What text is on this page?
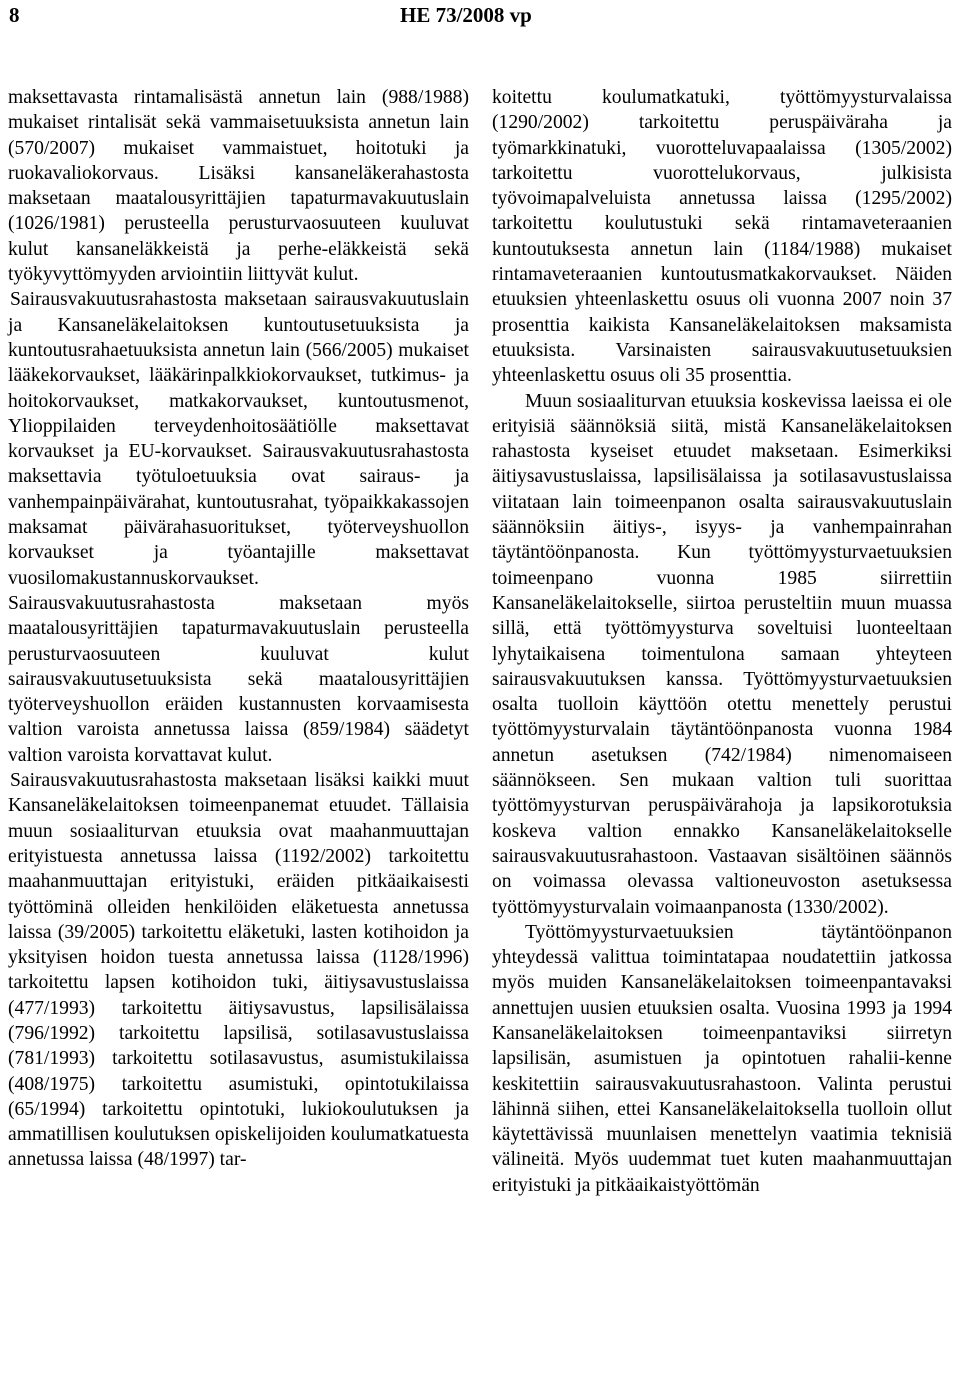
8	HE 73/2008 vp

maksettavasta rintamalisästä annetun lain (988/1988) mukaiset rintalisät sekä vammaisetuuksista annetun lain (570/2007) mukaiset vammaistuet, hoitotuki ja ruokavaliokorvaus. Lisäksi kansaneläkerahastosta maksetaan maatalousyrittäjien tapaturmavakuutuslain (1026/1981) perusteella perusturvaosuuteen kuuluvat kulut kansaneläkkeistä ja perhe-eläkkeistä sekä työkyvyttömyyden arviointiin liittyvät kulut.

Sairausvakuutusrahastosta maksetaan sairausvakuutuslain ja Kansaneläkelaitoksen kuntoutusetuuksista ja kuntoutusrahaetuuksista annetun lain (566/2005) mukaiset lääkekorvaukset, lääkärinpalkkiokorvaukset, tutkimus- ja hoitokorvaukset, matkakorvaukset, kuntoutusmenot, Ylioppilaiden terveydenhoitosäätiölle maksettavat korvaukset ja EU-korvaukset. Sairausvakuutusrahastosta maksettavia työtuloetuuksia ovat sairaus- ja vanhempainpäivärahat, kuntoutusrahat, työpaikkakassojen maksamat päivärahasuoritukset, työterveyshuollon korvaukset ja työantajille maksettavat vuosilomakustannuskorvaukset. Sairausvakuutusrahastosta maksetaan myös maatalousyrittäjien tapaturmavakuutuslain perusteella perusturvaosuuteen kuuluvat kulut sairausvakuutusetuuksista sekä maatalousyrittäjien työterveyshuollon eräiden kustannusten korvaamisesta valtion varoista annetussa laissa (859/1984) säädetyt valtion varoista korvattavat kulut.

Sairausvakuutusrahastosta maksetaan lisäksi kaikki muut Kansaneläkelaitoksen toimeenpanemat etuudet. Tällaisia muun sosiaaliturvan etuuksia ovat maahanmuuttajan erityistuesta annetussa laissa (1192/2002) tarkoitettu maahanmuuttajan erityistuki, eräiden pitkäaikaisesti työttöminä olleiden henkilöiden eläketuesta annetussa laissa (39/2005) tarkoitettu eläketuki, lasten kotihoidon ja yksityisen hoidon tuesta annetussa laissa (1128/1996) tarkoitettu lapsen kotihoidon tuki, äitiysavustuslaissa (477/1993) tarkoitettu äitiysavustus, lapsilisälaissa (796/1992) tarkoitettu lapsilisä, sotilasavustuslaissa (781/1993) tarkoitettu sotilasavustus, asumistukilaissa (408/1975) tarkoitettu asumistuki, opintotukilaissa (65/1994) tarkoitettu opintotuki, lukiokoulutuksen ja ammatillisen koulutuksen opiskelijoiden koulumatkatuesta annetussa laissa (48/1997) tar-

koitettu koulumatkatuki, työttömyysturvalaissa (1290/2002) tarkoitettu peruspäiväraha ja työmarkkinatuki, vuorotteluvapaalaissa (1305/2002) tarkoitettu vuorottelukorvaus, julkisista työvoimapalveluista annetussa laissa (1295/2002) tarkoitettu koulutustuki sekä rintamaveteraanien kuntoutuksesta annetun lain (1184/1988) mukaiset rintamaveteraanien kuntoutusmatkakorvaukset. Näiden etuuksien yhteenlaskettu osuus oli vuonna 2007 noin 37 prosenttia kaikista Kansaneläkelaitoksen maksamista etuuksista. Varsinaisten sairausvakuutusetuuksien yhteenlaskettu osuus oli 35 prosenttia.

Muun sosiaaliturvan etuuksia koskevissa laeissa ei ole erityisiä säännöksiä siitä, mistä Kansaneläkelaitoksen rahastosta kyseiset etuudet maksetaan. Esimerkiksi äitiysavustuslaissa, lapsilisälaissa ja sotilasavustuslaissa viitataan lain toimeenpanon osalta sairausvakuutuslain säännöksiin äitiys-, isyys- ja vanhempainrahan täytäntöönpanosta. Kun työttömyysturvaetuuksien toimeenpano vuonna 1985 siirrettiin Kansaneläkelaitokselle, siirtoa perusteltiin muun muassa sillä, että työttömyysturva soveltuisi luonteeltaan lyhytaikaisena toimentulona samaan yhteyteen sairausvakuutuksen kanssa. Työttömyysturvaetuuksien osalta tuolloin käyttöön otettu menettely perustui työttömyysturvalain täytäntöönpanosta vuonna 1984 annetun asetuksen (742/1984) nimenomaiseen säännökseen. Sen mukaan valtion tuli suorittaa työttömyysturvan peruspäivärahoja ja lapsikorotuksia koskeva valtion ennakko Kansaneläkelaitokselle sairausvakuutusrahastoon. Vastaavan sisältöinen säännös on voimassa olevassa valtioneuvoston asetuksessa työttömyysturvalain voimaanpanosta (1330/2002).

Työttömyysturvaetuuksien täytäntöönpanon yhteydessä valittua toimintatapaa noudatettiin jatkossa myös muiden Kansaneläkelaitoksen toimeenpantavaksi annettujen uusien etuuksien osalta. Vuosina 1993 ja 1994 Kansaneläkelaitoksen toimeenpantaviksi siirretyn lapsilisän, asumistuen ja opintotuen rahalii-kenne keskitettiin sairausvakuutusrahastoon. Valinta perustui lähinnä siihen, ettei Kansaneläkelaitoksella tuolloin ollut käytettävissä muunlaisen menettelyn vaatimia teknisiä välineitä. Myös uudemmat tuet kuten maahanmuuttajan erityistuki ja pitkäaikaistyöttömän
